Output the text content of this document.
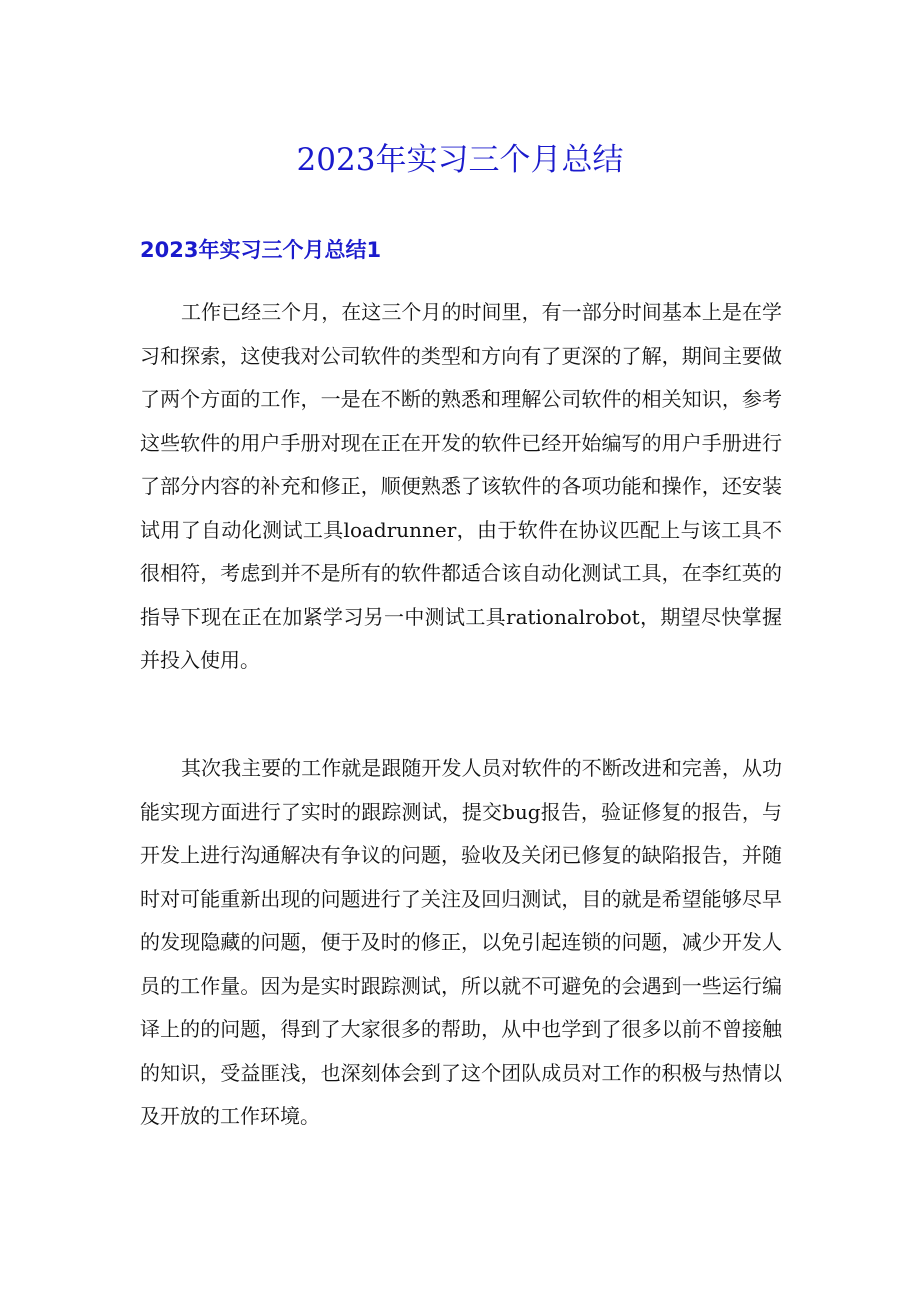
2023年实习三个月总结
2023年实习三个月总结1

工作已经三个月，在这三个月的时间里，有一部分时间基本上是在学习和探索，这使我对公司软件的类型和方向有了更深的了解，期间主要做了两个方面的工作，一是在不断的熟悉和理解公司软件的相关知识，参考这些软件的用户手册对现在正在开发的软件已经开始编写的用户手册进行了部分内容的补充和修正，顺便熟悉了该软件的各项功能和操作，还安装试用了自动化测试工具loadrunner，由于软件在协议匹配上与该工具不很相符，考虑到并不是所有的软件都适合该自动化测试工具，在李红英的指导下现在正在加紧学习另一中测试工具rationalrobot，期望尽快掌握并投入使用。

其次我主要的工作就是跟随开发人员对软件的不断改进和完善，从功能实现方面进行了实时的跟踪测试，提交bug报告，验证修复的报告，与开发上进行沟通解决有争议的问题，验收及关闭已修复的缺陷报告，并随时对可能重新出现的问题进行了关注及回归测试，目的就是希望能够尽早的发现隐藏的问题，便于及时的修正，以免引起连锁的问题，减少开发人员的工作量。因为是实时跟踪测试，所以就不可避免的会遇到一些运行编译上的的问题，得到了大家很多的帮助，从中也学到了很多以前不曾接触的知识，受益匪浅，也深刻体会到了这个团队成员对工作的积极与热情以及开放的工作环境。
